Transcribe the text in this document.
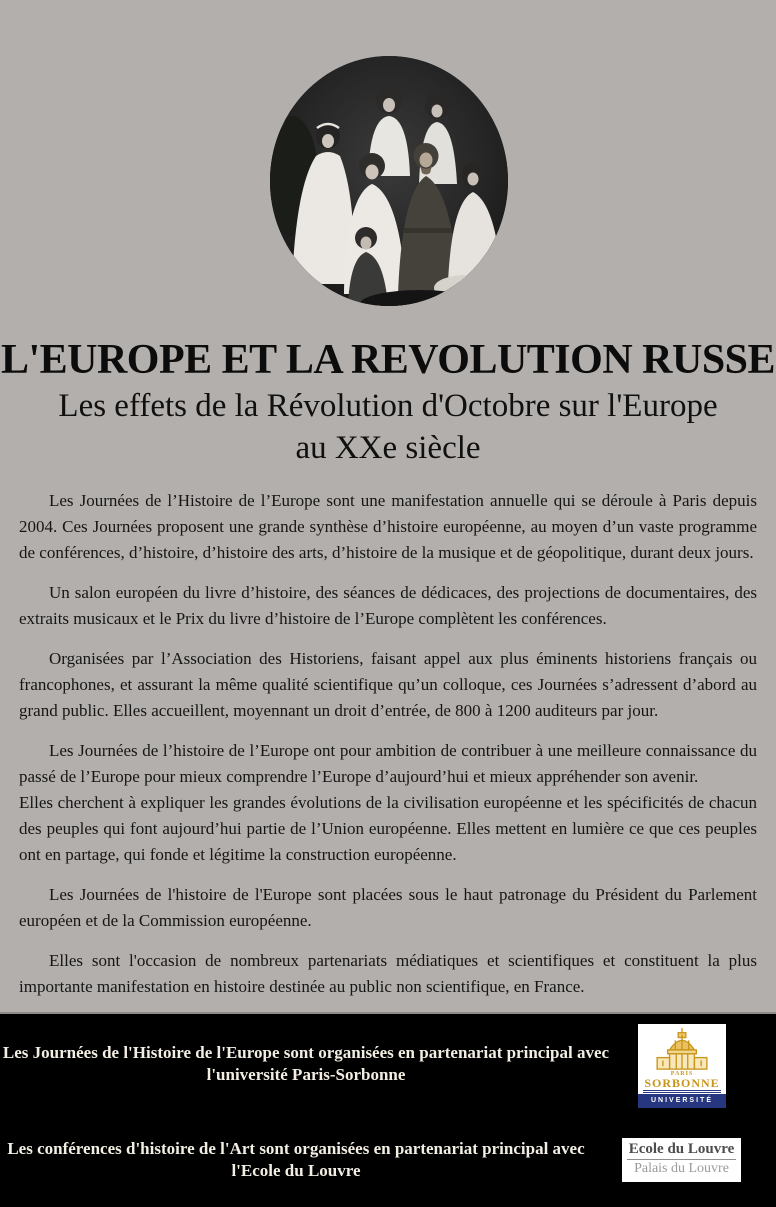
L'EUROPE ET LA REVOLUTION RUSSE
Les effets de la Révolution d'Octobre sur l'Europe
au XXe siècle

Les Journées de l’Histoire de l’Europe sont une manifestation annuelle qui se déroule à Paris depuis 2004. Ces Journées proposent une grande synthèse d’histoire européenne, au moyen d’un vaste programme de conférences, d’histoire, d’histoire des arts, d’histoire de la musique et de géopolitique, durant deux jours.

Un salon européen du livre d’histoire, des séances de dédicaces, des projections de documentaires, des extraits musicaux et le Prix du livre d’histoire de l’Europe complètent les conférences.

Organisées par l’Association des Historiens, faisant appel aux plus éminents historiens français ou francophones, et assurant la même qualité scientifique qu’un colloque, ces Journées s’adressent d’abord au grand public. Elles accueillent, moyennant un droit d’entrée, de 800 à 1200 auditeurs par jour.

Les Journées de l’histoire de l’Europe ont pour ambition de contribuer à une meilleure connaissance du passé de l’Europe pour mieux comprendre l’Europe d’aujourd’hui et mieux appréhender son avenir.

Elles cherchent à expliquer les grandes évolutions de la civilisation européenne et les spécificités de chacun des peuples qui font aujourd’hui partie de l’Union européenne. Elles mettent en lumière ce que ces peuples ont en partage, qui fonde et légitime la construction européenne.

Les Journées de l'histoire de l'Europe sont placées sous le haut patronage du Président du Parlement européen et de la Commission européenne.

Elles sont l'occasion de nombreux partenariats médiatiques et scientifiques et constituent la plus importante manifestation en histoire destinée au public non scientifique, en France.

Les Journées de l'Histoire de l'Europe sont organisées en partenariat principal avec
l'université Paris-Sorbonne	PARIS
SORBONNE
UNIVERSITÉ
Les conférences d'histoire de l'Art sont organisées en partenariat principal avec
l'Ecole du Louvre
Ecole du Louvre
Palais du Louvre
